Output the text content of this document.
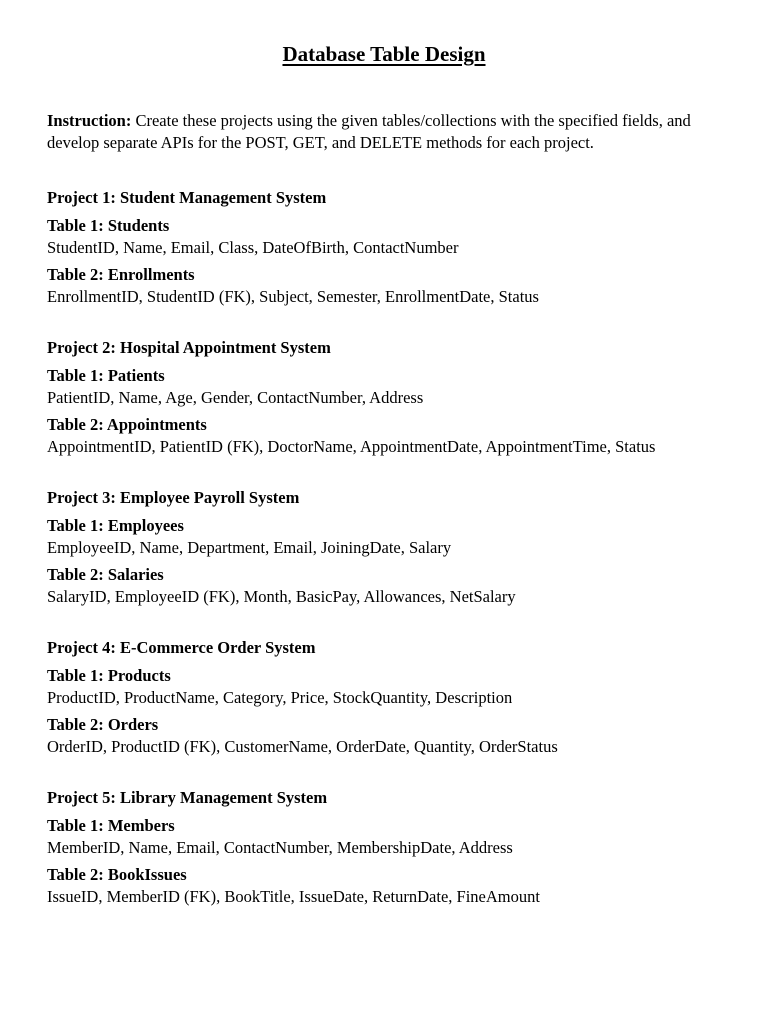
Database Table Design

Instruction: Create these projects using the given tables/collections with the specified fields, and develop separate APIs for the POST, GET, and DELETE methods for each project.

Project 1: Student Management System
Table 1: Students
StudentID, Name, Email, Class, DateOfBirth, ContactNumber
Table 2: Enrollments
EnrollmentID, StudentID (FK), Subject, Semester, EnrollmentDate, Status
Project 2: Hospital Appointment System
Table 1: Patients
PatientID, Name, Age, Gender, ContactNumber, Address
Table 2: Appointments
AppointmentID, PatientID (FK), DoctorName, AppointmentDate, AppointmentTime, Status
Project 3: Employee Payroll System
Table 1: Employees
EmployeeID, Name, Department, Email, JoiningDate, Salary
Table 2: Salaries
SalaryID, EmployeeID (FK), Month, BasicPay, Allowances, NetSalary
Project 4: E-Commerce Order System
Table 1: Products
ProductID, ProductName, Category, Price, StockQuantity, Description
Table 2: Orders
OrderID, ProductID (FK), CustomerName, OrderDate, Quantity, OrderStatus
Project 5: Library Management System
Table 1: Members
MemberID, Name, Email, ContactNumber, MembershipDate, Address
Table 2: BookIssues
IssueID, MemberID (FK), BookTitle, IssueDate, ReturnDate, FineAmount
